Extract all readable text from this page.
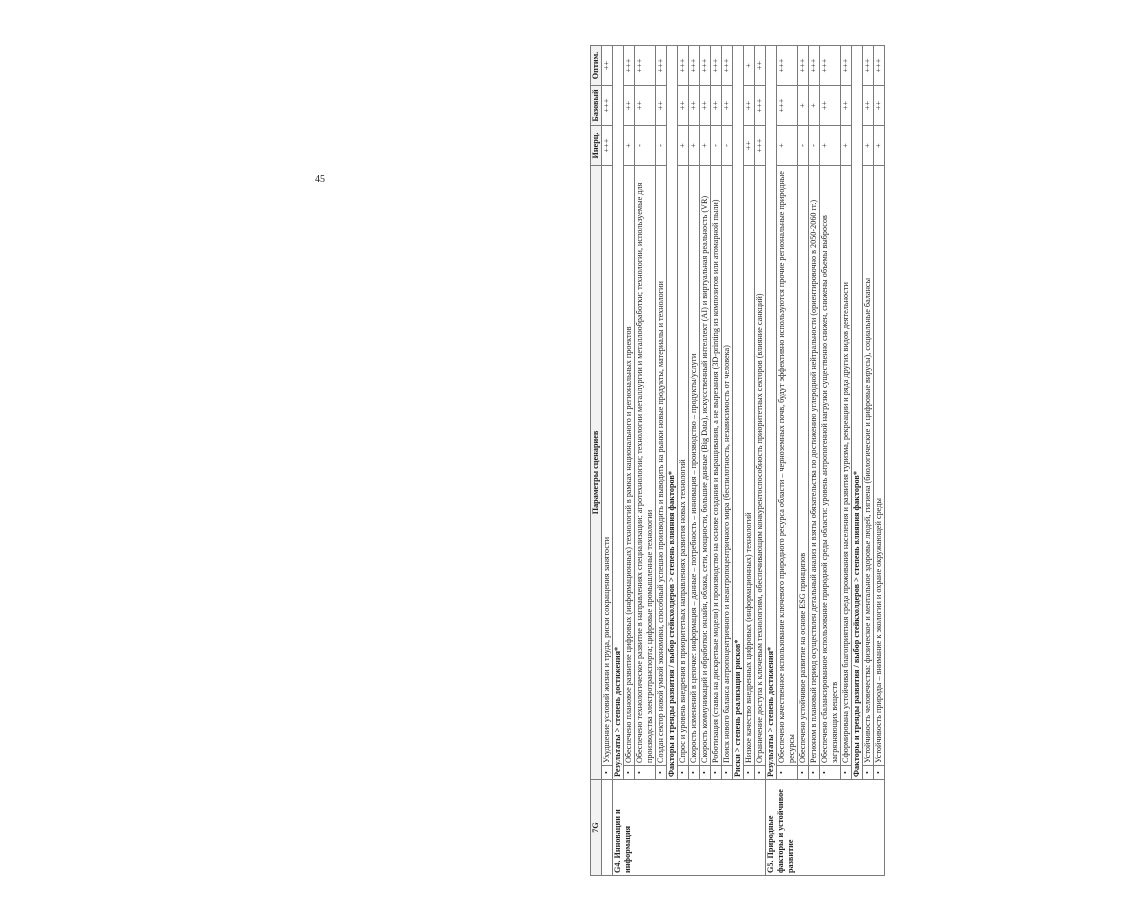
45
7G	Параметры сценариев		Инерц.	Базовый	Оптим.
	•	Ухудшение условий жизни и труда, риски сокращения занятости	+++	+++	++
G4. Инновации и информация	Результаты > степень достижения*				
	•	Обеспечено плановое развитие цифровых (информационных) технологий в рамках национального и региональных проектов	+	++	+++
	•	Обеспечено технологическое развитие в направлениях специализации: агротехнологии; технологии металлургии и металлообработки; технологии, используемые для производства электротранспорта; цифровые промышленные технологии	-	++	+++
	•	Создан сектор новой умной экономики, способный успешно производить и выводить на рынки новые продукты, материалы и технологии	-	++	+++
	Факторы и тренды развития / выбор стейкхолдеров > степень влияния факторов*				
	•	Спрос и уровень внедрения в приоритетных направлениях развития новых технологий	+	++	+++
	•	Скорость изменений в цепочке: информация – данные – потребность – инновация – производство – продукты/услуги	+	++	+++
	•	Скорость коммуникаций и обработки: онлайн, облака, сети, мощности, большие данные (Big Data), искусственный интеллект (AI) и виртуальная реальность (VR)	+	++	+++
	•	Роботизация (ставка на дискретные модели) и производство на основе создания и выращивания, а не вырезания (3D-printing из композитов или атомарной пыли)	-	++	+++
	•	Поиск нового баланса антропоцентричного и неантропоцентричного мира (беспилотность, независимость от человека)	-	++	+++
	Риски > степень реализации рисков*				
	•	Низкое качество внедренных цифровых (информационных) технологий	++	++	+
	•	Ограничение доступа к ключевым технологиям, обеспечивающим конкурентоспособность приоритетных секторов (влияние санкций)	+++	+++	++
G5. Природные факторы и устойчивое развитие	Результаты > степень достижения*				
	•	Обеспечено качественное использование ключевого природного ресурса области – черноземных почв, будут эффективно используются прочие региональные природные ресурсы	+	+++	+++
	•	Обеспечено устойчивое развитие на основе ESG принципов	-	+	+++
	•	Регионом в плановый период осуществлен детальный анализ и взяты обязательства по достижению углеродной нейтральности (ориентировочно в 2050-2060 гг.)	-	+	+++
	•	Обеспечено сбалансированное использование природной среды области: уровень антропогенной нагрузки существенно снижен, снижены объемы выбросов загрязняющих веществ	+	++	+++
	•	Сформирована устойчивая благоприятная среда проживания населения и развития туризма, рекреации и ряда других видов деятельности	+	++	+++
	Факторы и тренды развития / выбор стейкхолдеров > степень влияния факторов*				
	•	Устойчивость человечества: физическое и ментальное здоровье людей, гигиена (биологические и цифровые вирусы), социальные балансы	+	++	+++
	•	Устойчивость природы – внимание к экологии и охране окружающей среды	+	++	+++
